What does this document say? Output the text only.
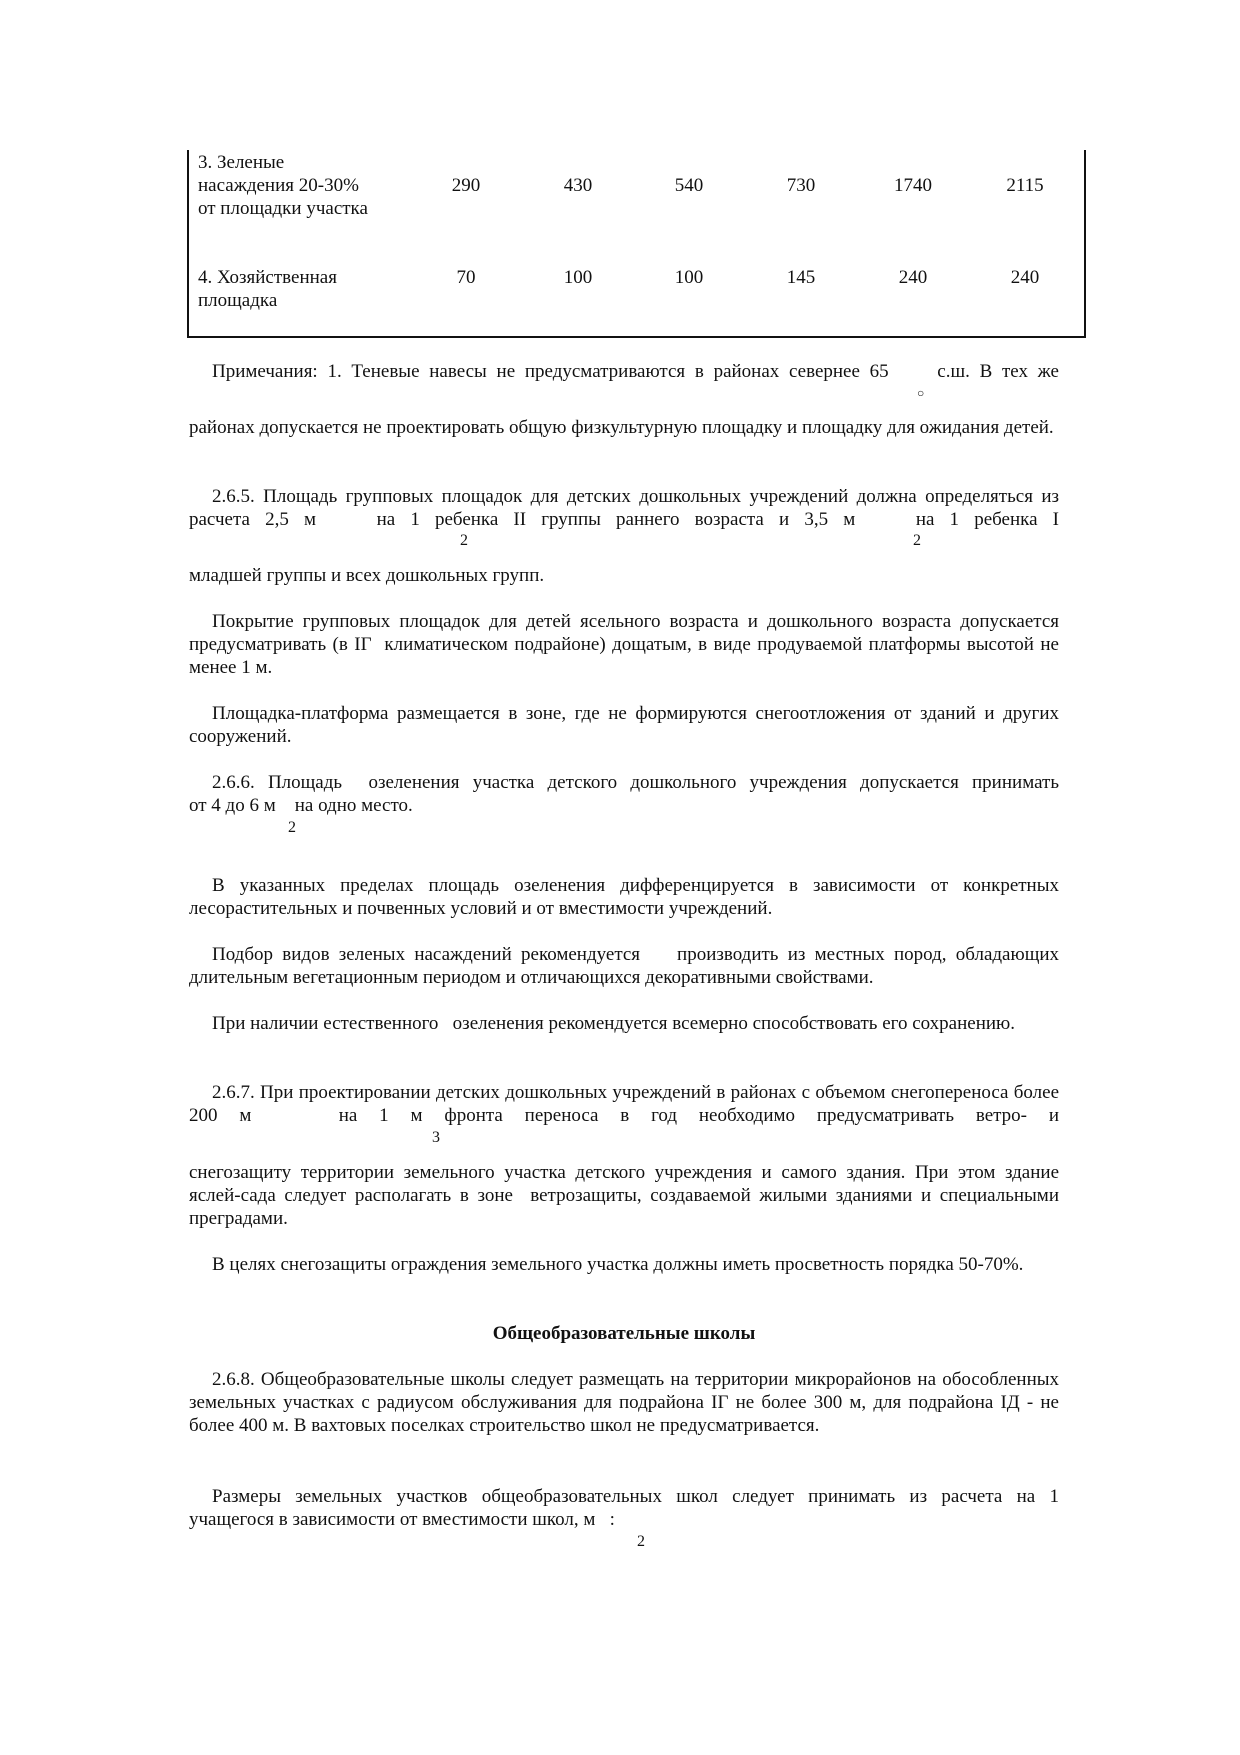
3. Зеленые
насаждения 20-30%
от площадки участка
290	430	540	730	1740	2115
4. Хозяйственная
площадка
70	100	100	145	240	240
Примечания: 1. Теневые навесы не предусматриваются в районах севернее 65     с.ш. В тех же
○
районах допускается не проектировать общую физкультурную площадку и площадку для ожидания детей.
2.6.5. Площадь групповых площадок для детских дошкольных учреждений должна определяться из расчета 2,5 м    на 1 ребенка II группы раннего возраста и 3,5 м    на 1 ребенка I
2	2
младшей группы и всех дошкольных групп.
Покрытие групповых площадок для детей ясельного возраста и дошкольного возраста допускается предусматривать (в IГ  климатическом подрайоне) дощатым, в виде продуваемой платформы высотой не менее 1 м.
Площадка-платформа размещается в зоне, где не формируются снегоотложения от зданий и других сооружений.
2.6.6. Площадь  озеленения участка детского дошкольного учреждения допускается принимать
от 4 до 6 м    на одно место.
2
В указанных пределах площадь озеленения дифференцируется в зависимости от конкретных лесорастительных и почвенных условий и от вместимости учреждений.
Подбор видов зеленых насаждений рекомендуется    производить из местных пород, обладающих длительным вегетационным периодом и отличающихся декоративными свойствами.
При наличии естественного   озеленения рекомендуется всемерно способствовать его сохранению.
2.6.7. При проектировании детских дошкольных учреждений в районах с объемом снегопереноса более 200 м    на 1 м фронта переноса в год необходимо предусматривать ветро- и
3
снегозащиту территории земельного участка детского учреждения и самого здания. При этом здание яслей-сада следует располагать в зоне  ветрозащиты, создаваемой жилыми зданиями и специальными преградами.
В целях снегозащиты ограждения земельного участка должны иметь просветность порядка 50-70%.
Общеобразовательные школы
2.6.8. Общеобразовательные школы следует размещать на территории микрорайонов на обособленных земельных участках с радиусом обслуживания для подрайона IГ не более 300 м, для подрайона IД - не более 400 м. В вахтовых поселках строительство школ не предусматривается.
Размеры земельных участков общеобразовательных школ следует принимать из расчета на 1
учащегося в зависимости от вместимости школ, м   :
2
